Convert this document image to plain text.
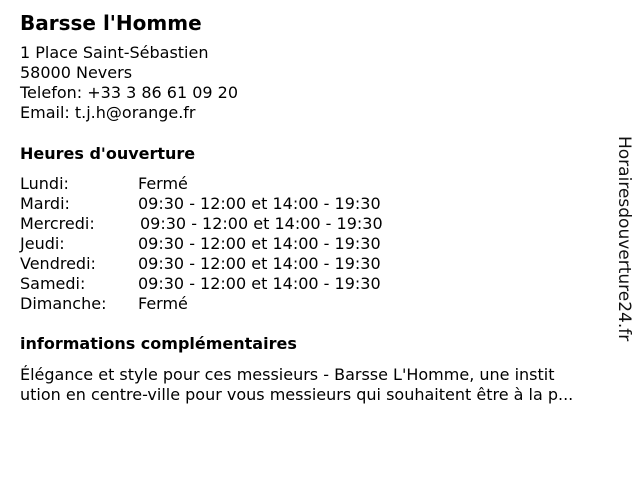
Barsse l'Homme
1 Place Saint-Sébastien
58000 Nevers
Telefon: +33 3 86 61 09 20
Email: t.j.h@orange.fr
Heures d'ouverture
Lundi:	Fermé
Mardi:	09:30 - 12:00 et 14:00 - 19:30
Mercredi:	09:30 - 12:00 et 14:00 - 19:30
Jeudi:	09:30 - 12:00 et 14:00 - 19:30
Vendredi:	09:30 - 12:00 et 14:00 - 19:30
Samedi:	09:30 - 12:00 et 14:00 - 19:30
Dimanche: Fermé
informations complémentaires
Élégance et style pour ces messieurs - Barsse L'Homme, une instit
ution en centre-ville pour vous messieurs qui souhaitent être à la p...
Horairesdouverture24.fr
